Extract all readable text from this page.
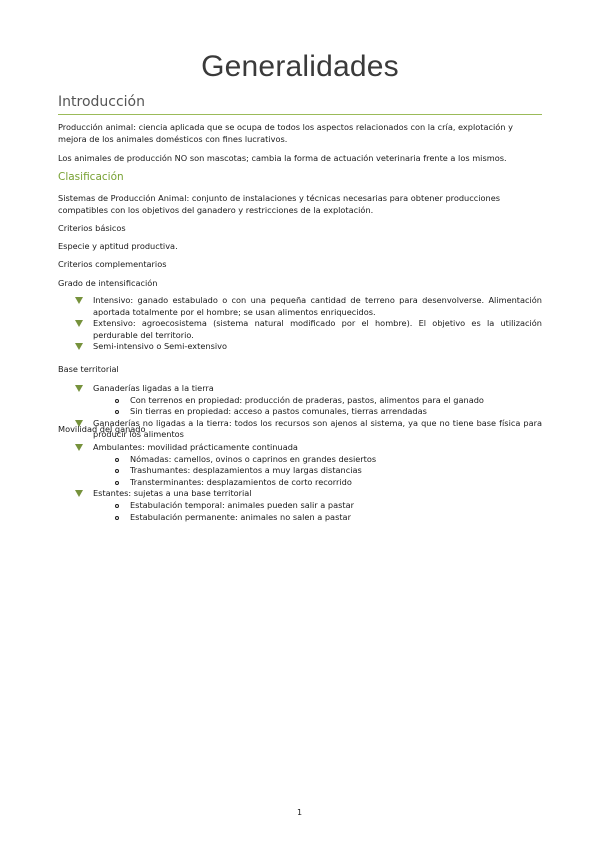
Generalidades
Introducción
Producción animal: ciencia aplicada que se ocupa de todos los aspectos relacionados con la cría, explotación y mejora de los animales domésticos con fines lucrativos.
Los animales de producción NO son mascotas; cambia la forma de actuación veterinaria frente a los mismos.
Clasificación
Sistemas de Producción Animal: conjunto de instalaciones y técnicas necesarias para obtener producciones compatibles con los objetivos del ganadero y restricciones de la explotación.
Criterios básicos
Especie y aptitud productiva.
Criterios complementarios
Grado de intensificación
Intensivo: ganado estabulado o con una pequeña cantidad de terreno para desenvolverse. Alimentación aportada totalmente por el hombre; se usan alimentos enriquecidos.
Extensivo: agroecosistema (sistema natural modificado por el hombre). El objetivo es la utilización perdurable del territorio.
Semi-intensivo o Semi-extensivo
Base territorial
Ganaderías ligadas a la tierra
Con terrenos en propiedad: producción de praderas, pastos, alimentos para el ganado
Sin tierras en propiedad: acceso a pastos comunales, tierras arrendadas
Ganaderías no ligadas a la tierra: todos los recursos son ajenos al sistema, ya que no tiene base física para producir los alimentos
Movilidad del ganado
Ambulantes: movilidad prácticamente continuada
Nómadas: camellos, ovinos o caprinos en grandes desiertos
Trashumantes: desplazamientos a muy largas distancias
Transterminantes: desplazamientos de corto recorrido
Estantes: sujetas a una base territorial
Estabulación temporal: animales pueden salir a pastar
Estabulación permanente: animales no salen a pastar
1
